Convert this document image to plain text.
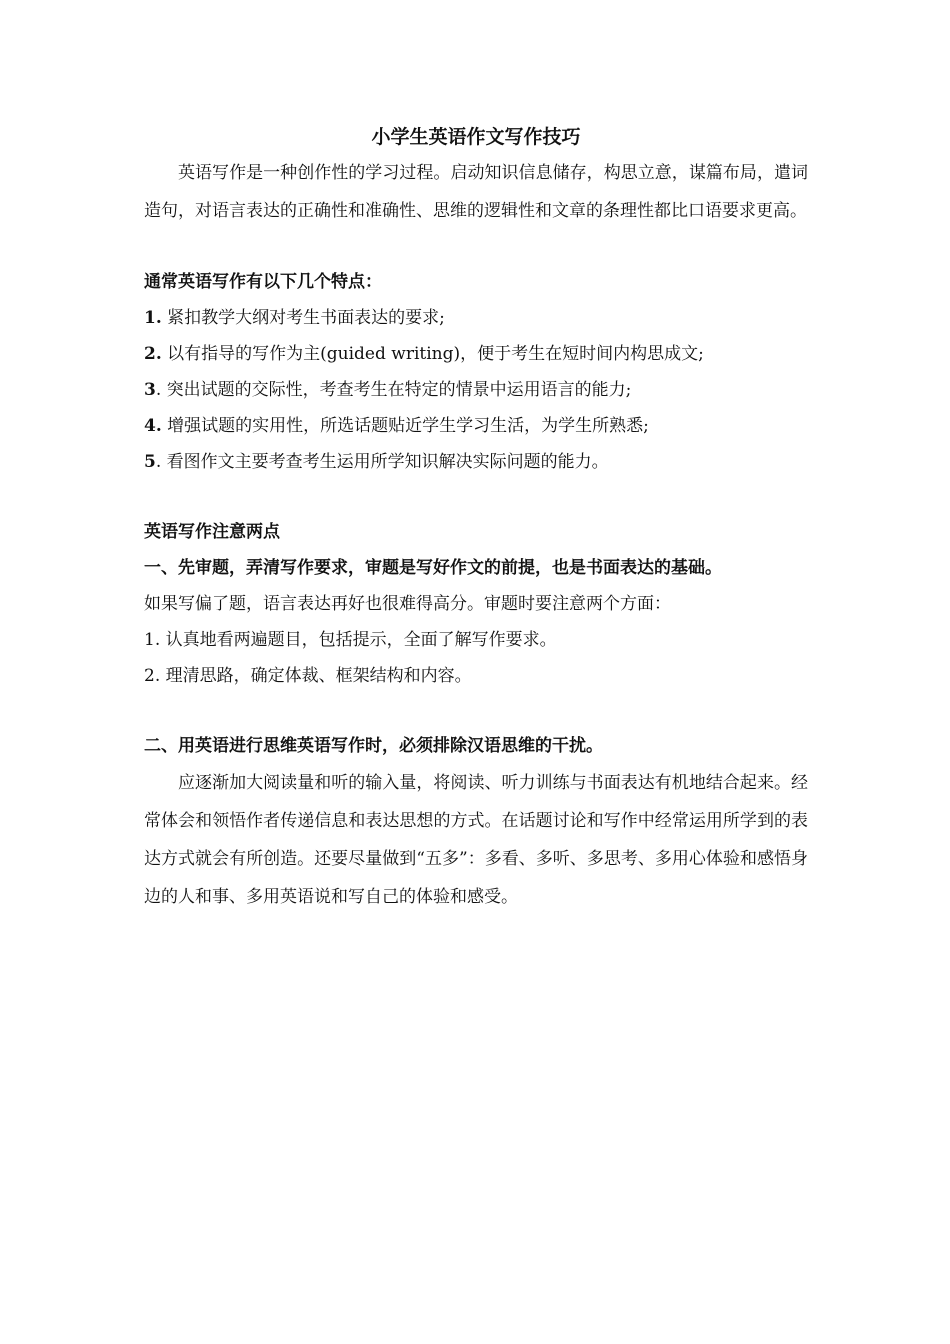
小学生英语作文写作技巧

英语写作是一种创作性的学习过程。启动知识信息储存，构思立意，谋篇布局，遣词造句，对语言表达的正确性和准确性、思维的逻辑性和文章的条理性都比口语要求更高。

通常英语写作有以下几个特点：

1. 紧扣教学大纲对考生书面表达的要求;

2. 以有指导的写作为主(guided writing)，便于考生在短时间内构思成文;

3. 突出试题的交际性，考查考生在特定的情景中运用语言的能力;

4. 增强试题的实用性，所选话题贴近学生学习生活，为学生所熟悉;

5. 看图作文主要考查考生运用所学知识解决实际问题的能力。

英语写作注意两点

一、先审题，弄清写作要求，审题是写好作文的前提，也是书面表达的基础。

如果写偏了题，语言表达再好也很难得高分。审题时要注意两个方面：

1. 认真地看两遍题目，包括提示，全面了解写作要求。

2. 理清思路，确定体裁、框架结构和内容。

二、用英语进行思维英语写作时，必须排除汉语思维的干扰。

应逐渐加大阅读量和听的输入量，将阅读、听力训练与书面表达有机地结合起来。经常体会和领悟作者传递信息和表达思想的方式。在话题讨论和写作中经常运用所学到的表达方式就会有所创造。还要尽量做到“五多”：多看、多听、多思考、多用心体验和感悟身边的人和事、多用英语说和写自己的体验和感受。
